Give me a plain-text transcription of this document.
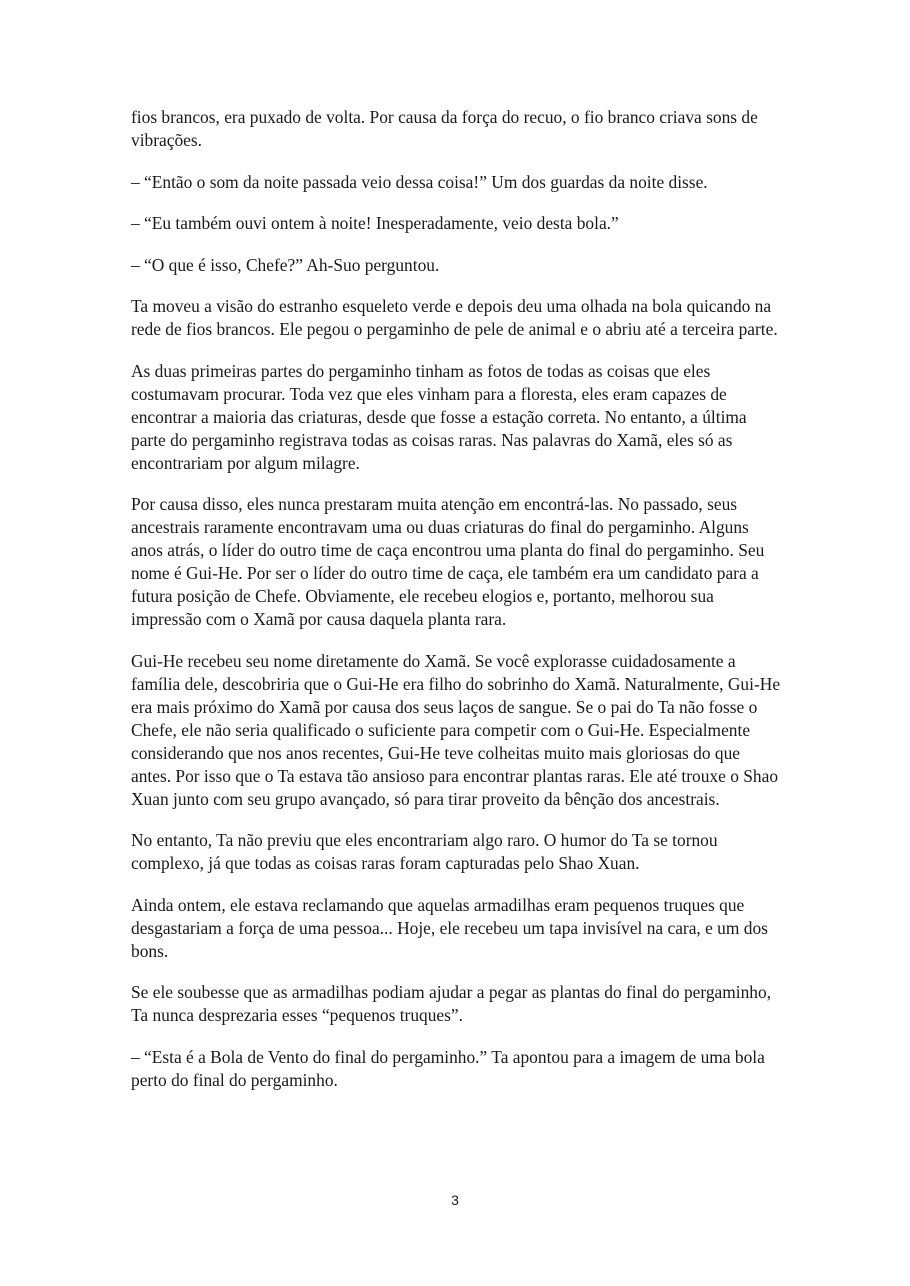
fios brancos, era puxado de volta. Por causa da força do recuo, o fio branco criava sons de vibrações.

– “Então o som da noite passada veio dessa coisa!” Um dos guardas da noite disse.

– “Eu também ouvi ontem à noite! Inesperadamente, veio desta bola.”

– “O que é isso, Chefe?” Ah-Suo perguntou.

Ta moveu a visão do estranho esqueleto verde e depois deu uma olhada na bola quicando na rede de fios brancos. Ele pegou o pergaminho de pele de animal e o abriu até a terceira parte.

As duas primeiras partes do pergaminho tinham as fotos de todas as coisas que eles costumavam procurar. Toda vez que eles vinham para a floresta, eles eram capazes de encontrar a maioria das criaturas, desde que fosse a estação correta. No entanto, a última parte do pergaminho registrava todas as coisas raras. Nas palavras do Xamã, eles só as encontrariam por algum milagre.

Por causa disso, eles nunca prestaram muita atenção em encontrá-las. No passado, seus ancestrais raramente encontravam uma ou duas criaturas do final do pergaminho. Alguns anos atrás, o líder do outro time de caça encontrou uma planta do final do pergaminho. Seu nome é Gui-He. Por ser o líder do outro time de caça, ele também era um candidato para a futura posição de Chefe. Obviamente, ele recebeu elogios e, portanto, melhorou sua impressão com o Xamã por causa daquela planta rara.

Gui-He recebeu seu nome diretamente do Xamã. Se você explorasse cuidadosamente a família dele, descobriria que o Gui-He era filho do sobrinho do Xamã. Naturalmente, Gui-He era mais próximo do Xamã por causa dos seus laços de sangue. Se o pai do Ta não fosse o Chefe, ele não seria qualificado o suficiente para competir com o Gui-He. Especialmente considerando que nos anos recentes, Gui-He teve colheitas muito mais gloriosas do que antes. Por isso que o Ta estava tão ansioso para encontrar plantas raras. Ele até trouxe o Shao Xuan junto com seu grupo avançado, só para tirar proveito da bênção dos ancestrais.

No entanto, Ta não previu que eles encontrariam algo raro. O humor do Ta se tornou complexo, já que todas as coisas raras foram capturadas pelo Shao Xuan.

Ainda ontem, ele estava reclamando que aquelas armadilhas eram pequenos truques que desgastariam a força de uma pessoa... Hoje, ele recebeu um tapa invisível na cara, e um dos bons.

Se ele soubesse que as armadilhas podiam ajudar a pegar as plantas do final do pergaminho, Ta nunca desprezaria esses “pequenos truques”.

– “Esta é a Bola de Vento do final do pergaminho.” Ta apontou para a imagem de uma bola perto do final do pergaminho.

3
